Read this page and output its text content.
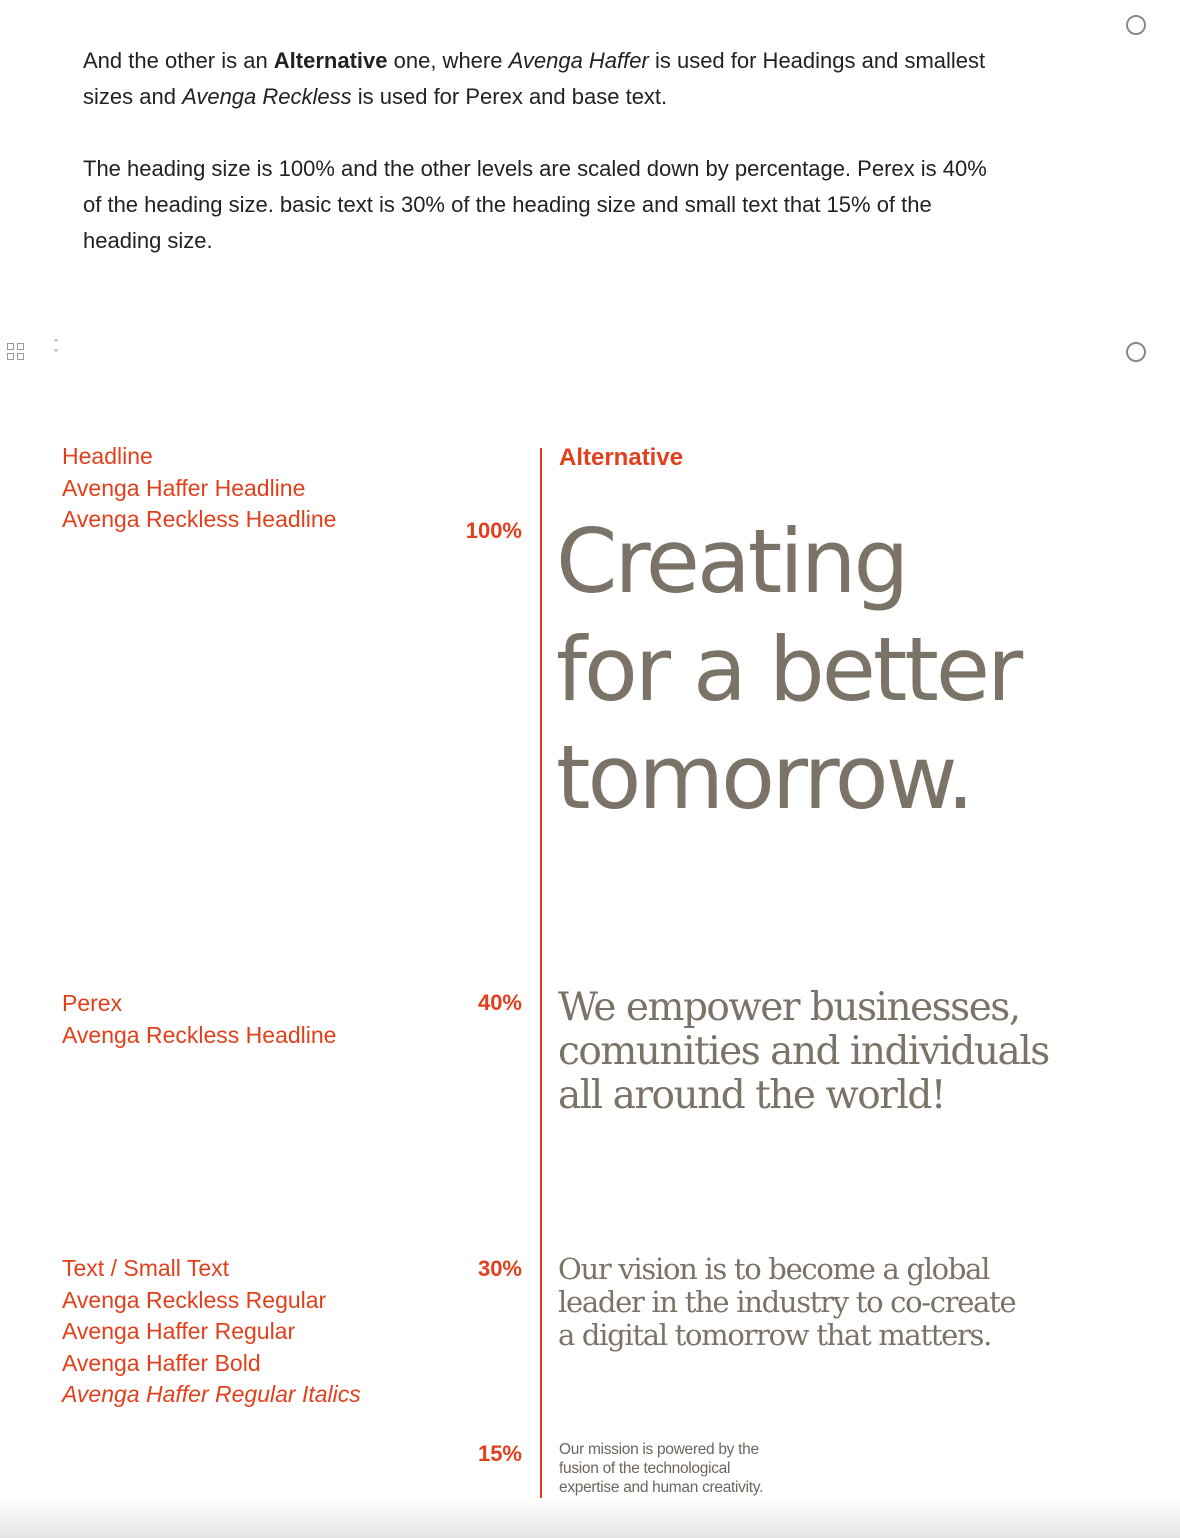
And the other is an Alternative one, where Avenga Haffer is used for Headings and smallest sizes and Avenga Reckless is used for Perex and base text.

The heading size is 100% and the other levels are scaled down by percentage. Perex is 40% of the heading size. basic text is 30% of the heading size and small text that 15% of the heading size.

ˆ
ˇ
Headline
Avenga Haffer Headline
Avenga Reckless Headline	100%
Perex
Avenga Reckless Headline
40%
Text / Small Text
Avenga Reckless Regular
Avenga Haffer Regular
Avenga Haffer Bold
Avenga Haffer Regular Italics
30%
15%
Alternative
Creating
for a better
tomorrow.
We empower businesses,
comunities and individuals
all around the world!
Our vision is to become a global
leader in the industry to co-create
a digital tomorrow that matters.
Our mission is powered by the
fusion of the technological
expertise and human creativity.
